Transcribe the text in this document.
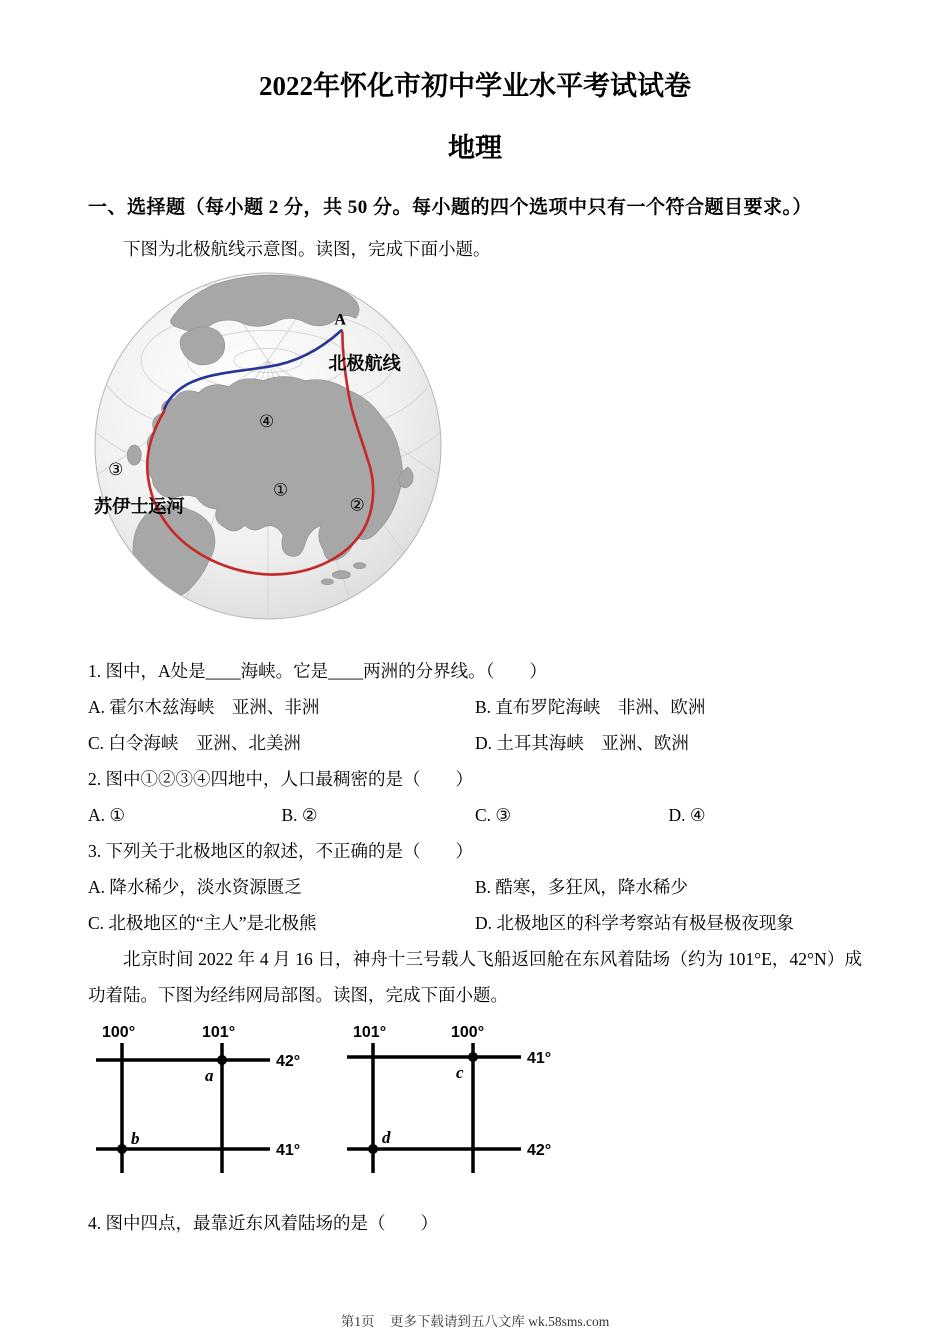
2022年怀化市初中学业水平考试试卷
地理
一、选择题（每小题 2 分，共 50 分。每小题的四个选项中只有一个符合题目要求。）
下图为北极航线示意图。读图，完成下面小题。
A
北极航线
④
③
①
②
苏伊士运河
1. 图中，A处是____海峡。它是____两洲的分界线。（　　）
A. 霍尔木兹海峡　亚洲、非洲	B. 直布罗陀海峡　非洲、欧洲
C. 白令海峡　亚洲、北美洲	D. 土耳其海峡　亚洲、欧洲
2. 图中①②③④四地中，人口最稠密的是（　　）
A. ①	B. ②	C. ③	D. ④
3. 下列关于北极地区的叙述，不正确的是（　　）
A. 降水稀少，淡水资源匮乏	B. 酷寒，多狂风，降水稀少
C. 北极地区的“主人”是北极熊	D. 北极地区的科学考察站有极昼极夜现象
北京时间 2022 年 4 月 16 日，神舟十三号载人飞船返回舱在东风着陆场（约为 101°E，42°N）成功着陆。下图为经纬网局部图。读图，完成下面小题。
100°	101°
42°
41°
a
b
101°	100°
41°
42°
c
d
4. 图中四点，最靠近东风着陆场的是（　　）
第1页 更多下载请到五八文库 wk.58sms.com
